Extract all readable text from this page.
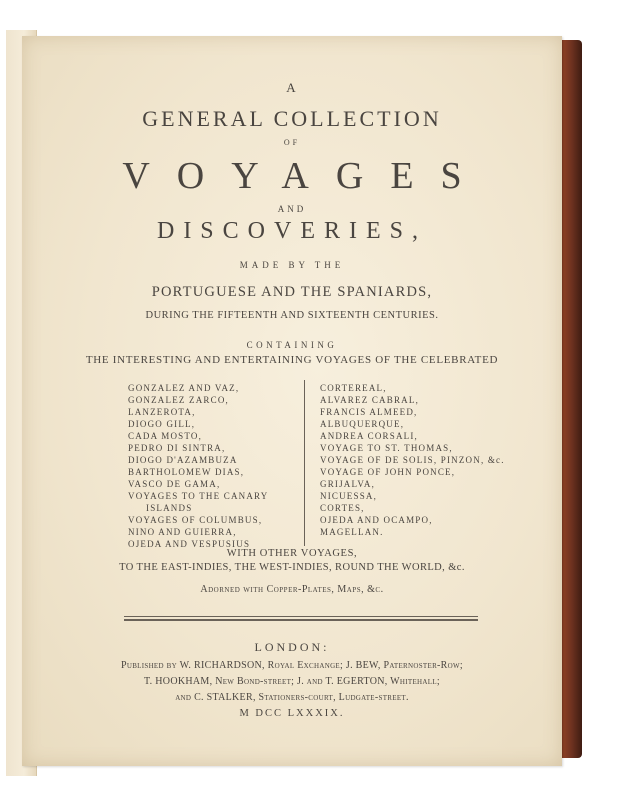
A
GENERAL COLLECTION
OF
VOYAGES
AND
DISCOVERIES,
MADE BY THE
PORTUGUESE AND THE SPANIARDS,
DURING THE FIFTEENTH AND SIXTEENTH CENTURIES.
CONTAINING
THE INTERESTING AND ENTERTAINING VOYAGES OF THE CELEBRATED
GONZALEZ AND VAZ,
GONZALEZ ZARCO,
LANZEROTA,
DIOGO GILL,
CADA MOSTO,
PEDRO DI SINTRA,
DIOGO D'AZAMBUZA
BARTHOLOMEW DIAS,
VASCO DE GAMA,
VOYAGES TO THE CANARY
ISLANDS
VOYAGES OF COLUMBUS,
NINO AND GUIERRA,
OJEDA AND VESPUSIUS
CORTEREAL,
ALVAREZ CABRAL,
FRANCIS ALMEED,
ALBUQUERQUE,
ANDREA CORSALI,
VOYAGE TO ST. THOMAS,
VOYAGE OF DE SOLIS, PINZON, &c.
VOYAGE OF JOHN PONCE,
GRIJALVA,
NICUESSA,
CORTES,
OJEDA AND OCAMPO,
MAGELLAN.
WITH OTHER VOYAGES,
TO THE EAST-INDIES, THE WEST-INDIES, ROUND THE WORLD, &c.
Adorned with Copper-Plates, Maps, &c.
LONDON:
Published by W. RICHARDSON, Royal Exchange; J. BEW, Paternoster-Row;
T. HOOKHAM, New Bond-street; J. and T. EGERTON, Whitehall;
and C. STALKER, Stationers-court, Ludgate-street.
M DCC LXXXIX.
